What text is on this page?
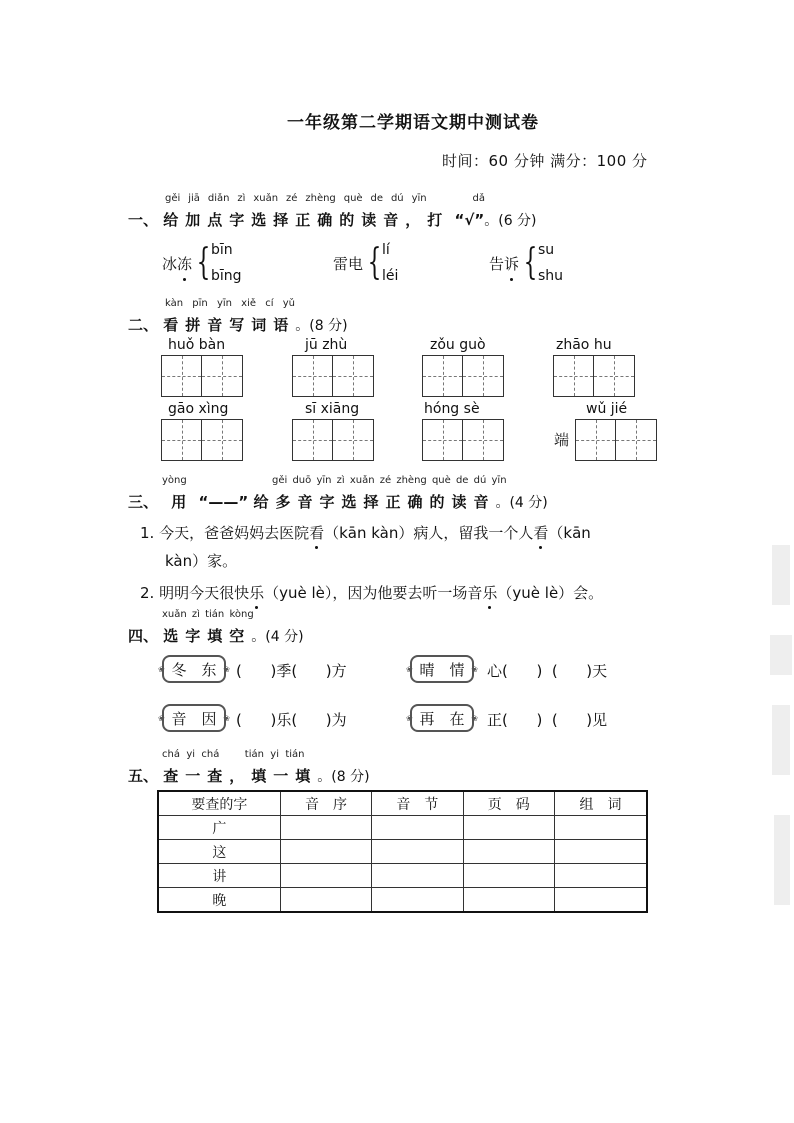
一年级第二学期语文期中测试卷
时间：60 分钟 满分：100 分
gěi jiā diǎn zì xuǎn zé zhèng què de dú yīn	dǎ
一、 给加点字选择正确的读音，打 “√”。(6 分)
冰 冻 { bīn
bīng
雷 电 { lí
léi
告 诉 { su
shu
kàn pīn yīn xiě cí yǔ
二、 看拼音写词语。(8 分)
huǒ bàn	jū zhù	zǒu guò	zhāo hu
gāo xìng	sī xiāng	hóng sè	wǔ jié
端
yòng	gěi duō yīn zì xuǎn zé zhèng què de dú yīn
三、 用 “——” 给多音字选择正确的读音。(4 分)
1. 今天，爸爸妈妈去医院看（kān kàn）病人，留我一个人看（kān
kàn）家。
2. 明明今天很快乐（yuè lè），因为他要去听一场音乐（yuè lè）会。
xuǎn zì tián kòng
四、 选字填空。(4 分)
❀ 冬 东
❀ (      )季(      )方	❀ 晴 情
❀ 心(      )  (      )天
❀ 音 因
❀ (      )乐(      )为	❀ 再 在
❀ 正(      )  (      )见
chá  yi  chá        tián  yi  tián
五、 查一查，填一填。(8 分)
要查的字	音　序	音　节	页　码	组　词
广				
这				
讲				
晚				
